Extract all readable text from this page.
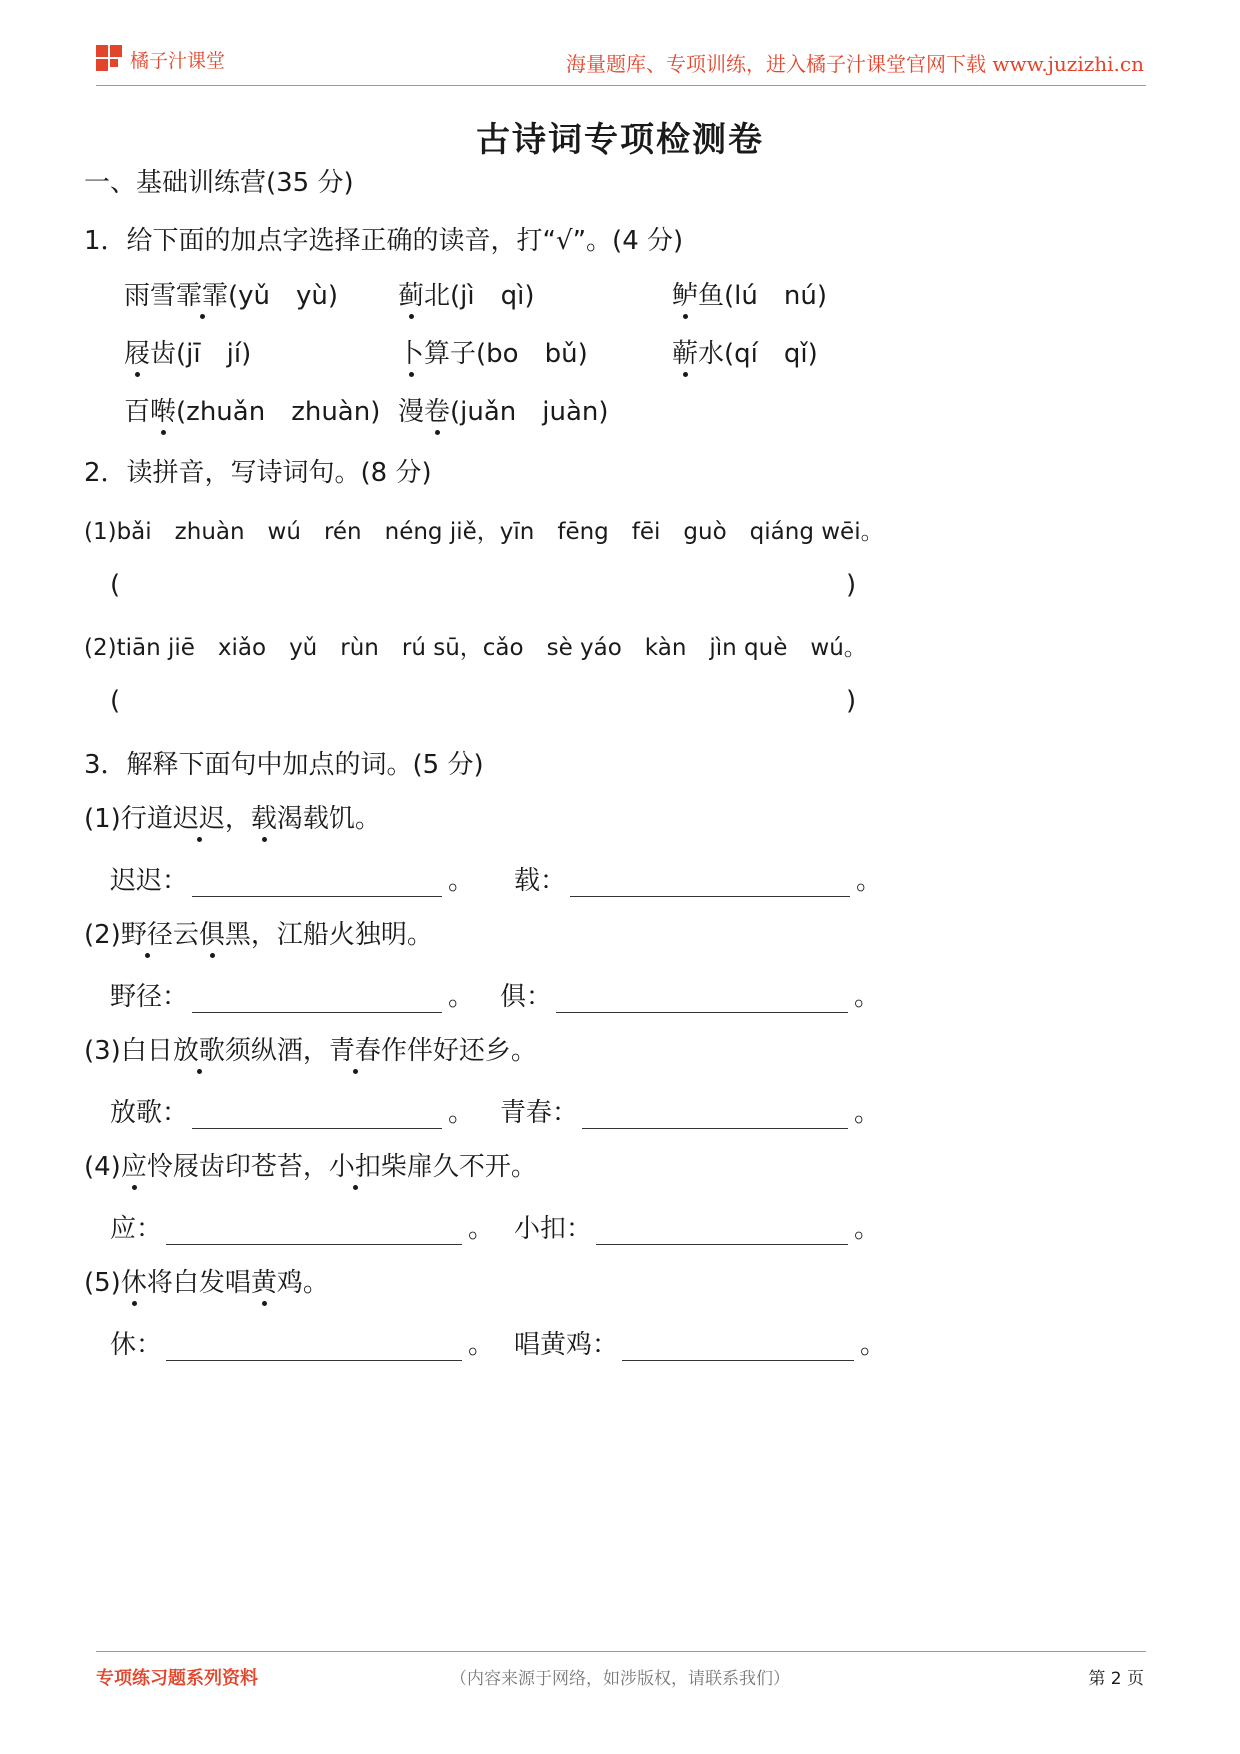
橘子汁课堂	海量题库、专项训练，进入橘子汁课堂官网下载 www.juzizhi.cn
古诗词专项检测卷
一、基础训练营(35 分)
1．给下面的加点字选择正确的读音，打“√”。(4 分)
雨雪霏霏(yǔ　yù) 蓟北(jì　qì)	鲈鱼(lú　nú)
屐齿(jī　jí)	卜算子(bo　bǔ)	蕲水(qí　qǐ)
百啭(zhuǎn　zhuàn) 漫卷(juǎn　juàn)
2．读拼音，写诗词句。(8 分)
(1)bǎi　zhuàn　wú　rén　néng jiě，yīn　fēng　fēi　guò　qiáng wēi。
(	)
(2)tiān jiē　xiǎo　yǔ　rùn　rú sū，cǎo　sè yáo　kàn　jìn què　wú。
(	)
3．解释下面句中加点的词。(5 分)
(1)行道迟迟，载渴载饥。
迟迟：	。 载：	。
(2)野径云俱黑，江船火独明。
野径：	。 俱：	。
(3)白日放歌须纵酒，青春作伴好还乡。
放歌：	。 青春：	。
(4)应怜屐齿印苍苔，小扣柴扉久不开。
应：	。 小扣：	。
(5)休将白发唱黄鸡。
休：	。 唱黄鸡：	。
专项练习题系列资料	（内容来源于网络，如涉版权，请联系我们）	第 2 页
